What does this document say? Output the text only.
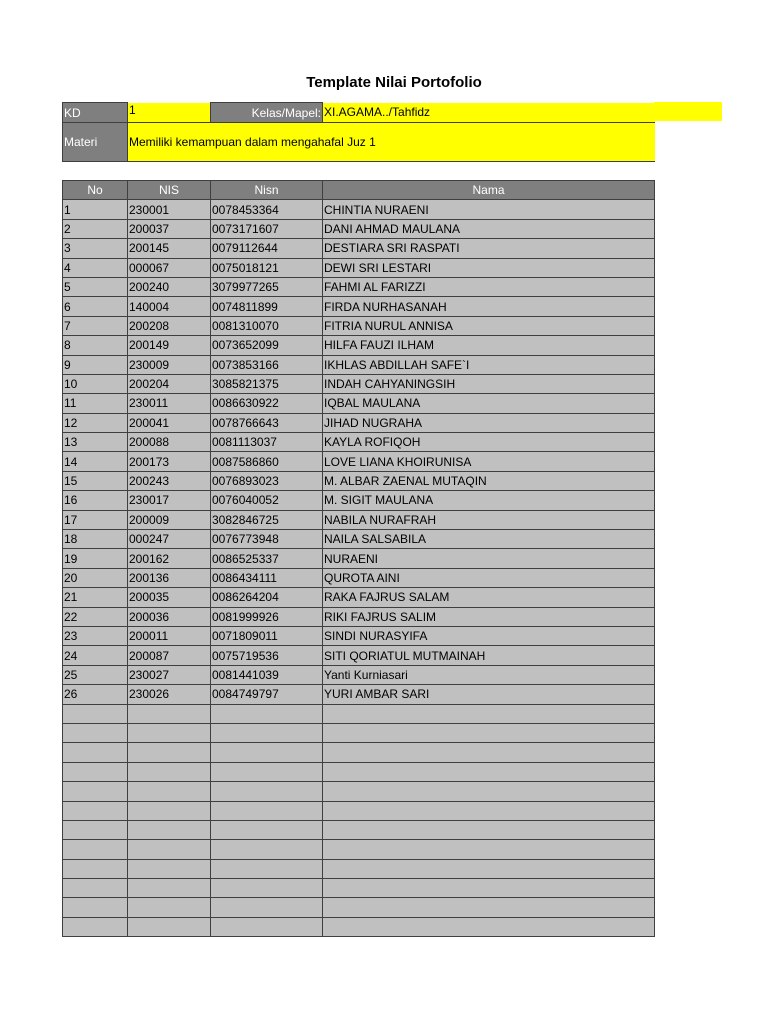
Template Nilai Portofolio
KD	1	Kelas/Mapel:	XI.AGAMA../Tahfidz
Materi	Memiliki kemampuan dalam mengahafal Juz 1		
No	NIS	Nisn	Nama
1	230001	0078453364	CHINTIA NURAENI
2	200037	0073171607	DANI AHMAD MAULANA
3	200145	0079112644	DESTIARA SRI RASPATI
4	000067	0075018121	DEWI SRI LESTARI
5	200240	3079977265	FAHMI AL FARIZZI
6	140004	0074811899	FIRDA NURHASANAH
7	200208	0081310070	FITRIA NURUL ANNISA
8	200149	0073652099	HILFA FAUZI ILHAM
9	230009	0073853166	IKHLAS ABDILLAH SAFE`I
10	200204	3085821375	INDAH CAHYANINGSIH
11	230011	0086630922	IQBAL MAULANA
12	200041	0078766643	JIHAD NUGRAHA
13	200088	0081113037	KAYLA ROFIQOH
14	200173	0087586860	LOVE LIANA KHOIRUNISA
15	200243	0076893023	M. ALBAR ZAENAL MUTAQIN
16	230017	0076040052	M. SIGIT MAULANA
17	200009	3082846725	NABILA NURAFRAH
18	000247	0076773948	NAILA SALSABILA
19	200162	0086525337	NURAENI
20	200136	0086434111	QUROTA AINI
21	200035	0086264204	RAKA FAJRUS SALAM
22	200036	0081999926	RIKI FAJRUS SALIM
23	200011	0071809011	SINDI NURASYIFA
24	200087	0075719536	SITI QORIATUL MUTMAINAH
25	230027	0081441039	Yanti Kurniasari
26	230026	0084749797	YURI AMBAR SARI
